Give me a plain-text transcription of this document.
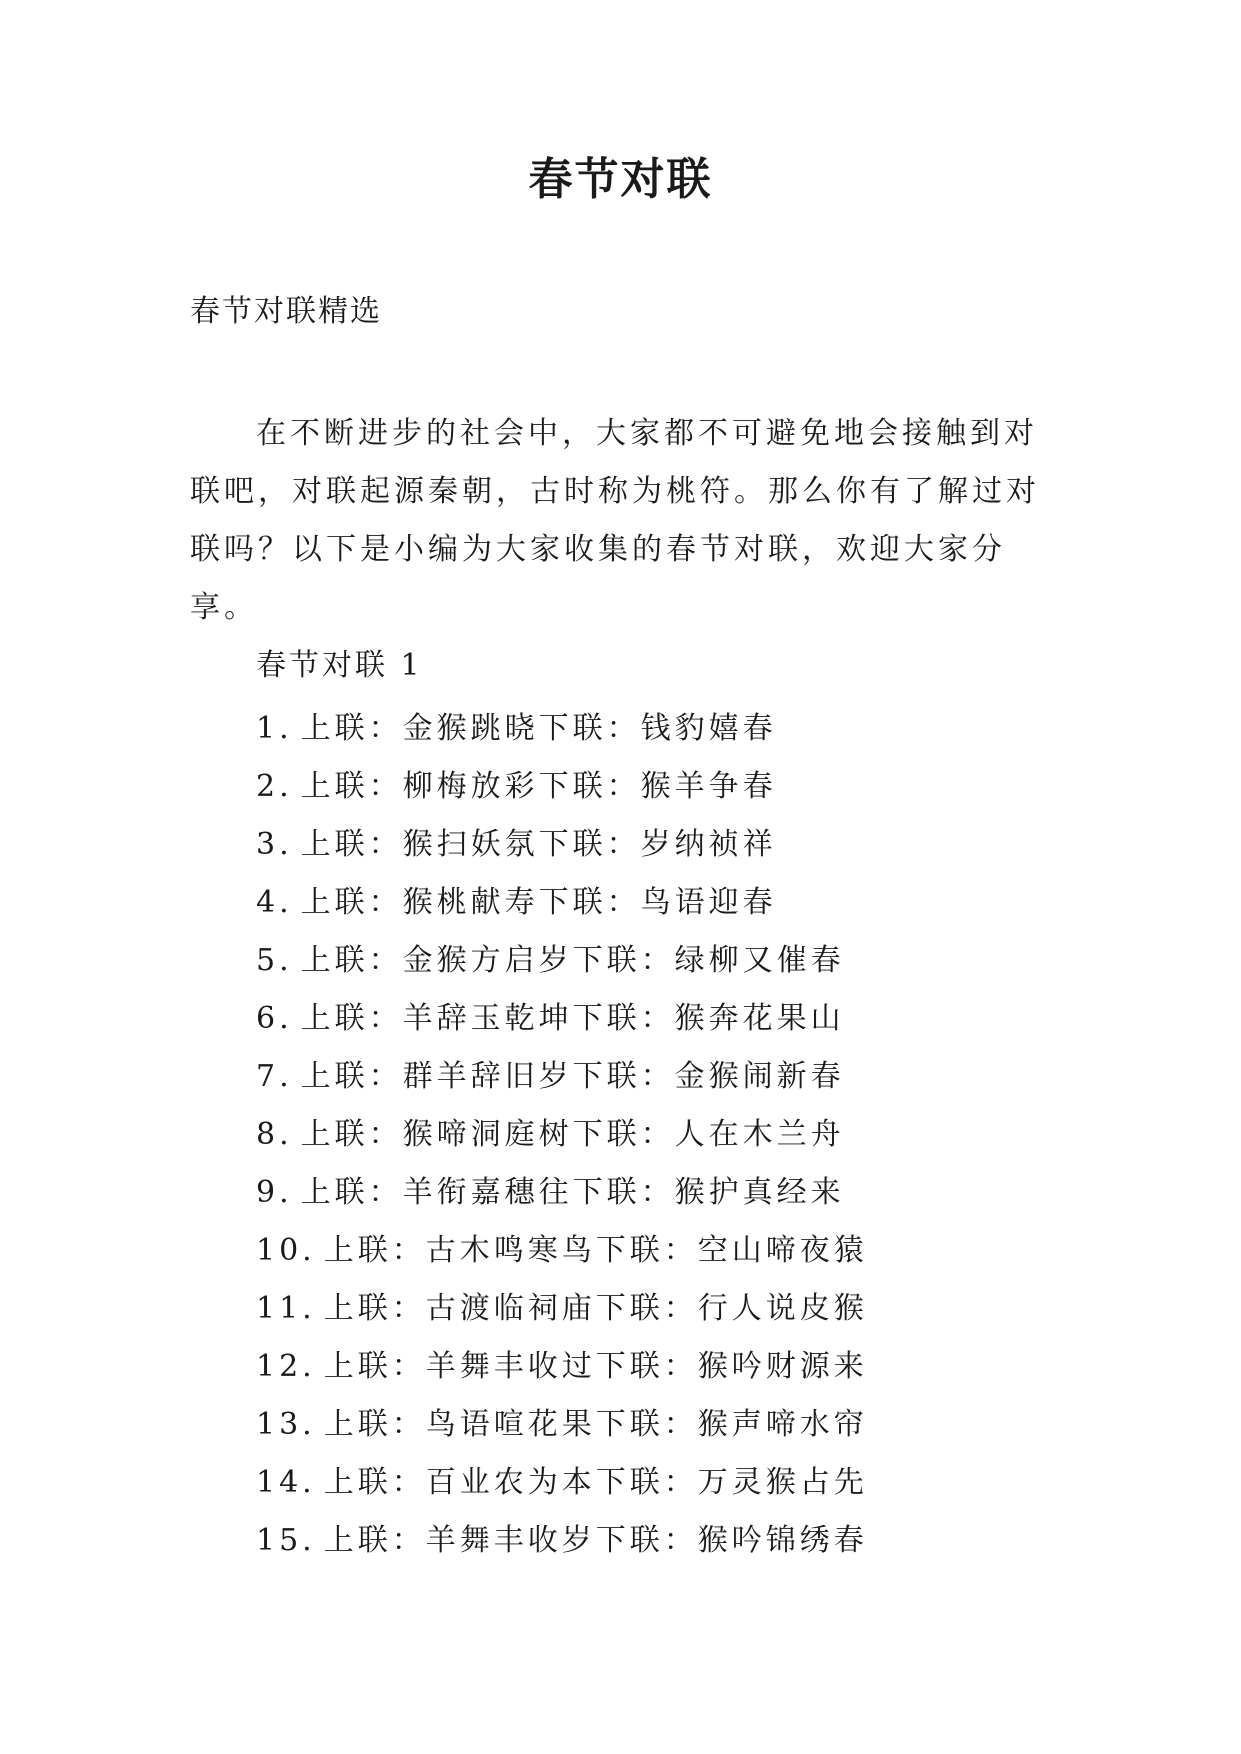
春节对联
春节对联精选

在不断进步的社会中，大家都不可避免地会接触到对联吧，对联起源秦朝，古时称为桃符。那么你有了解过对联吗？以下是小编为大家收集的春节对联，欢迎大家分享。

春节对联 1
1. 上联：金猴跳晓下联：钱豹嬉春
2. 上联：柳梅放彩下联：猴羊争春
3. 上联：猴扫妖氛下联：岁纳祯祥
4. 上联：猴桃献寿下联：鸟语迎春
5. 上联：金猴方启岁下联：绿柳又催春
6. 上联：羊辞玉乾坤下联：猴奔花果山
7. 上联：群羊辞旧岁下联：金猴闹新春
8. 上联：猴啼洞庭树下联：人在木兰舟
9. 上联：羊衔嘉穗往下联：猴护真经来
10. 上联：古木鸣寒鸟下联：空山啼夜猿
11. 上联：古渡临祠庙下联：行人说皮猴
12. 上联：羊舞丰收过下联：猴吟财源来
13. 上联：鸟语喧花果下联：猴声啼水帘
14. 上联：百业农为本下联：万灵猴占先
15. 上联：羊舞丰收岁下联：猴吟锦绣春
